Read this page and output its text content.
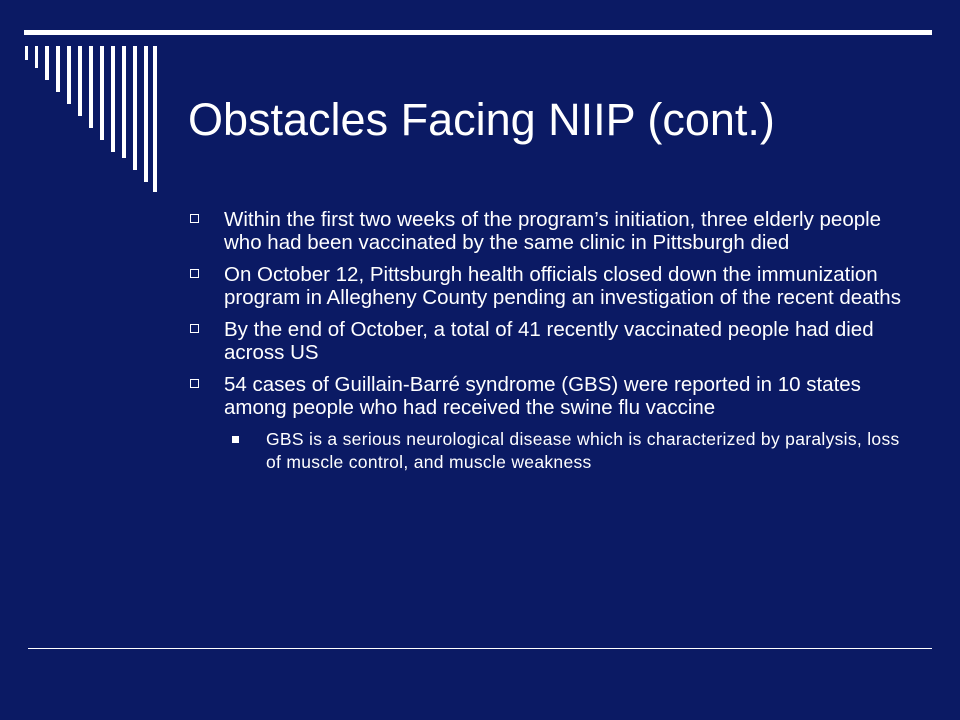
Obstacles Facing NIIP (cont.)
Within the first two weeks of the program’s initiation, three elderly people who had been vaccinated by the same clinic in Pittsburgh died
On October 12, Pittsburgh health officials closed down the immunization program in Allegheny County pending an investigation of the recent deaths
By the end of October, a total of 41 recently vaccinated people had died across US
54 cases of Guillain-Barré syndrome (GBS) were reported in 10 states among people who had received the swine flu vaccine
GBS is a serious neurological disease which is characterized by paralysis, loss of muscle control, and muscle weakness
